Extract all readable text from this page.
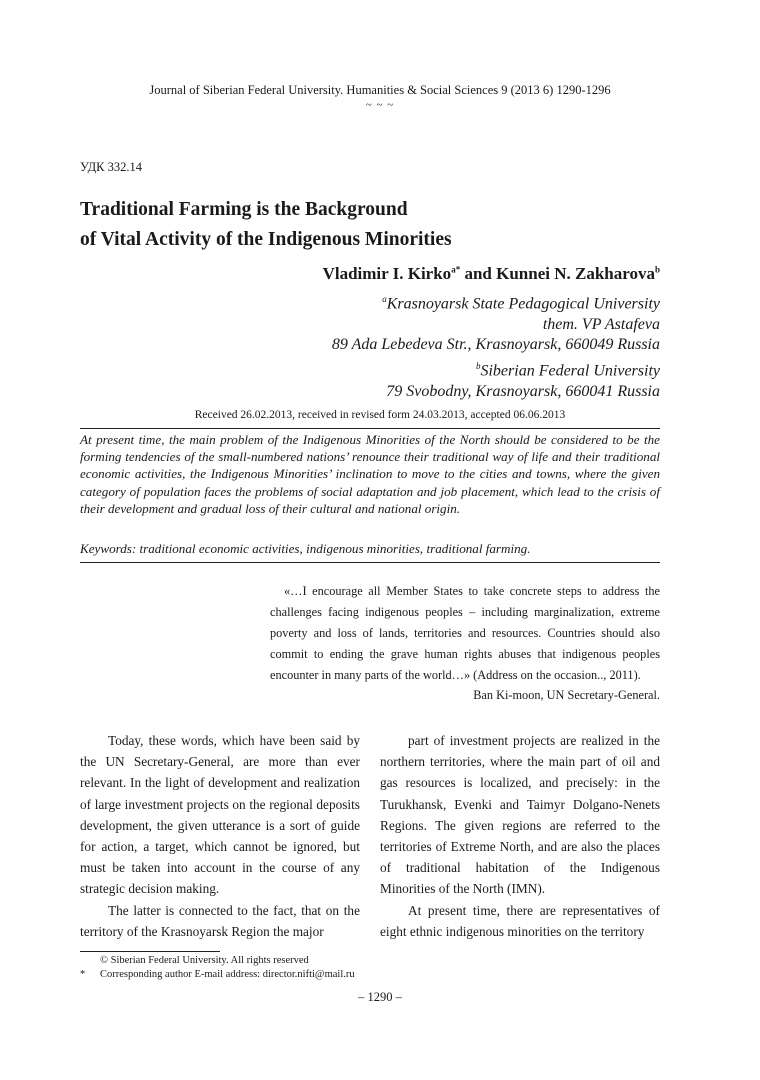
Journal of Siberian Federal University. Humanities & Social Sciences 9 (2013 6) 1290-1296
~ ~ ~
УДК 332.14
Traditional Farming is the Background
of Vital Activity of the Indigenous Minorities
Vladimir I. Kirko$^{a*}$ and Kunnei N. Zakharova$^b$
$^a$Krasnoyarsk State Pedagogical University
them. VP Astafeva
89 Ada Lebedeva Str., Krasnoyarsk, 660049 Russia
$^b$Siberian Federal University
79 Svobodny, Krasnoyarsk, 660041 Russia
Received 26.02.2013, received in revised form 24.03.2013, accepted 06.06.2013
At present time, the main problem of the Indigenous Minorities of the North should be considered to be the forming tendencies of the small-numbered nations’ renounce their traditional way of life and their traditional economic activities, the Indigenous Minorities’ inclination to move to the cities and towns, where the given category of population faces the problems of social adaptation and job placement, which lead to the crisis of their development and gradual loss of their cultural and national origin.
Keywords: traditional economic activities, indigenous minorities, traditional farming.
«…I encourage all Member States to take concrete steps to address the challenges facing indigenous peoples – including marginalization, extreme poverty and loss of lands, territories and resources. Countries should also commit to ending the grave human rights abuses that indigenous peoples encounter in many parts of the world…» (Address on the occasion.., 2011).
Ban Ki-moon, UN Secretary-General.

Today, these words, which have been said by the UN Secretary-General, are more than ever relevant. In the light of development and realization of large investment projects on the regional deposits development, the given utterance is a sort of guide for action, a target, which cannot be ignored, but must be taken into account in the course of any strategic decision making.

The latter is connected to the fact, that on the territory of the Krasnoyarsk Region the major

part of investment projects are realized in the northern territories, where the main part of oil and gas resources is localized, and precisely: in the Turukhansk, Evenki and Taimyr Dolgano-Nenets Regions. The given regions are referred to the territories of Extreme North, and are also the places of traditional habitation of the Indigenous Minorities of the North (IMN).

At present time, there are representatives of eight ethnic indigenous minorities on the territory

© Siberian Federal University. All rights reserved
* Corresponding author E-mail address: director.nifti@mail.ru
– 1290 –
